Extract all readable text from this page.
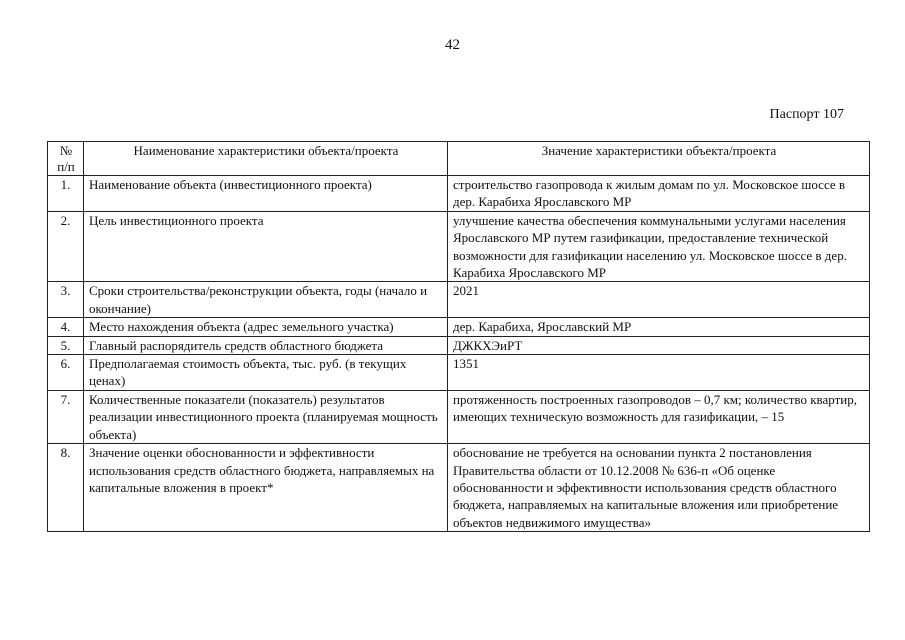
42
Паспорт 107
№ п/п	Наименование характеристики объекта/проекта	Значение характеристики объекта/проекта
1.	Наименование объекта (инвестиционного проекта)	строительство газопровода к жилым домам по ул. Московское шоссе в дер. Карабиха Ярославского МР
2.	Цель инвестиционного проекта	улучшение качества обеспечения коммунальными услугами населения Ярославского МР путем газификации, предоставление технической возможности для газификации населению ул. Московское шоссе в дер. Карабиха Ярославского МР
3.	Сроки строительства/реконструкции объекта, годы (начало и окончание)	2021
4.	Место нахождения объекта (адрес земельного участка)	дер. Карабиха, Ярославский МР
5.	Главный распорядитель средств областного бюджета	ДЖКХЭиРТ
6.	Предполагаемая стоимость объекта, тыс. руб. (в текущих ценах)	1351
7.	Количественные показатели (показатель) результатов реализации инвестиционного проекта (планируемая мощность объекта)	протяженность построенных газопроводов – 0,7 км; количество квартир, имеющих техническую возможность для газификации, – 15
8.	Значение оценки обоснованности и эффективности использования средств областного бюджета, направляемых на капитальные вложения в проект*	обоснование не требуется на основании пункта 2 постановления Правительства области от 10.12.2008 № 636-п «Об оценке обоснованности и эффективности использования средств областного бюджета, направляемых на капитальные вложения или приобретение объектов недвижимого имущества»
